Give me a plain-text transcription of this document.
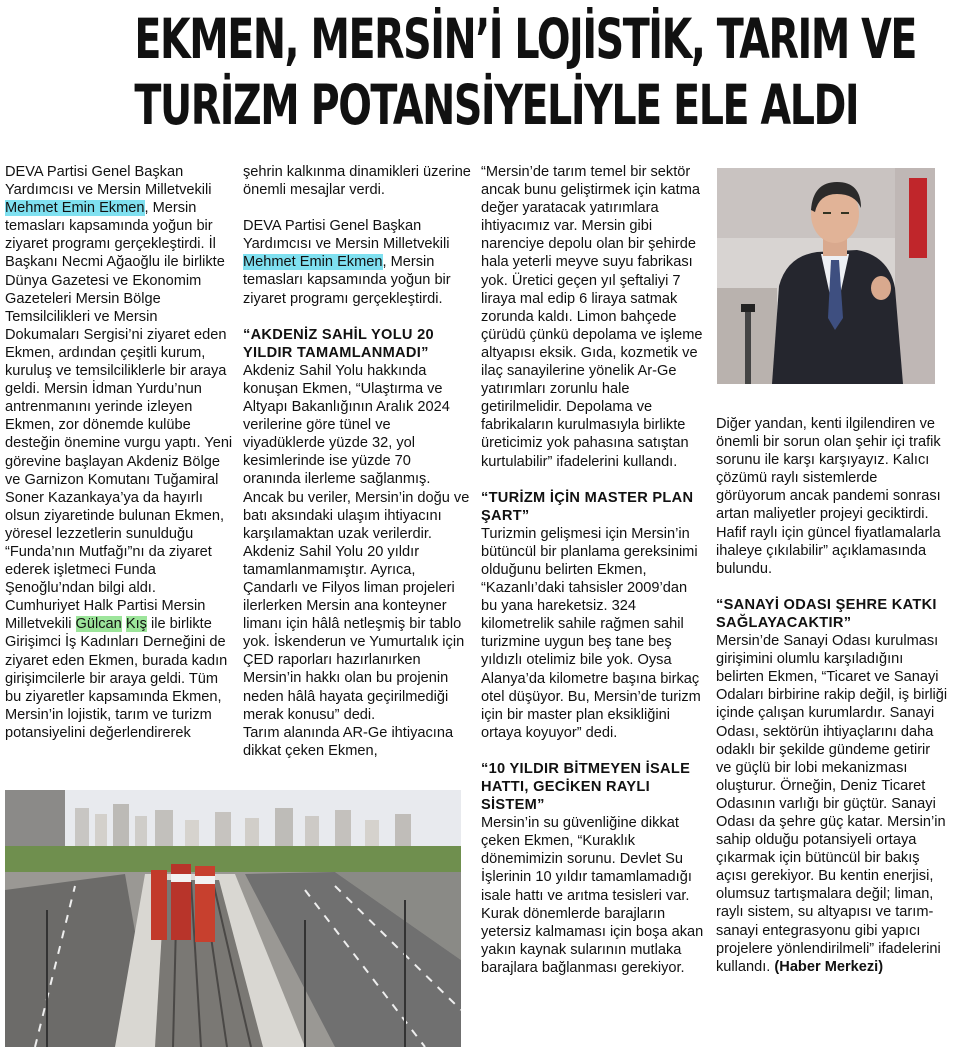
EKMEN, MERSİN’İ LOJİSTİK, TARIM VE
TURİZM POTANSİYELİYLE ELE ALDI

DEVA Partisi Genel Başkan Yardımcısı ve Mersin Milletvekili Mehmet Emin Ekmen, Mersin temasları kapsamında yoğun bir ziyaret programı gerçekleştirdi. İl Başkanı Necmi Ağaoğlu ile birlikte Dünya Gazetesi ve Ekonomim Gazeteleri Mersin Bölge Temsilcilikleri ve Mersin Dokumaları Sergisi’ni ziyaret eden Ekmen, ardından çeşitli kurum, kuruluş ve temsilciliklerle bir araya geldi. Mersin İdman Yurdu’nun antrenmanını yerinde izleyen Ekmen, zor dönemde kulübe desteğin önemine vurgu yaptı. Yeni görevine başlayan Akdeniz Bölge ve Garnizon Komutanı Tuğamiral Soner Kazankaya’ya da hayırlı olsun ziyaretinde bulunan Ekmen, yöresel lezzetlerin sunulduğu “Funda’nın Mutfağı”nı da ziyaret ederek işletmeci Funda Şenoğlu’ndan bilgi aldı. Cumhuriyet Halk Partisi Mersin Milletvekili Gülcan Kış ile birlikte Girişimci İş Kadınları Derneğini de ziyaret eden Ekmen, burada kadın girişimcilerle bir araya geldi. Tüm bu ziyaretler kapsamında Ekmen, Mersin’in lojistik, tarım ve turizm potansiyelini değerlendirerek

şehrin kalkınma dinamikleri üzerine önemli mesajlar verdi.

DEVA Partisi Genel Başkan Yardımcısı ve Mersin Milletvekili Mehmet Emin Ekmen, Mersin temasları kapsamında yoğun bir ziyaret programı gerçekleştirdi.

“AKDENİZ SAHİL YOLU 20 YILDIR TAMAMLANMADI”

Akdeniz Sahil Yolu hakkında konuşan Ekmen, “Ulaştırma ve Altyapı Bakanlığının Aralık 2024 verilerine göre tünel ve viyadüklerde yüzde 32, yol kesimlerinde ise yüzde 70 oranında ilerleme sağlanmış. Ancak bu veriler, Mersin’in doğu ve batı aksındaki ulaşım ihtiyacını karşılamaktan uzak verilerdir. Akdeniz Sahil Yolu 20 yıldır tamamlanmamıştır. Ayrıca, Çandarlı ve Filyos liman projeleri ilerlerken Mersin ana konteyner limanı için hâlâ netleşmiş bir tablo yok. İskenderun ve Yumurtalık için ÇED raporları hazırlanırken Mersin’in hakkı olan bu projenin neden hâlâ hayata geçirilmediği merak konusu” dedi.

Tarım alanında AR-Ge ihtiyacına dikkat çeken Ekmen,

“Mersin’de tarım temel bir sektör ancak bunu geliştirmek için katma değer yaratacak yatırımlara ihtiyacımız var. Mersin gibi narenciye depolu olan bir şehirde hala yeterli meyve suyu fabrikası yok. Üretici geçen yıl şeftaliyi 7 liraya mal edip 6 liraya satmak zorunda kaldı. Limon bahçede çürüdü çünkü depolama ve işleme altyapısı eksik. Gıda, kozmetik ve ilaç sanayilerine yönelik Ar-Ge yatırımları zorunlu hale getirilmelidir. Depolama ve fabrikaların kurulmasıyla birlikte üreticimiz yok pahasına satıştan kurtulabilir” ifadelerini kullandı.

“TURİZM İÇİN MASTER PLAN ŞART”

Turizmin gelişmesi için Mersin’in bütüncül bir planlama gereksinimi olduğunu belirten Ekmen, “Kazanlı’daki tahsisler 2009’dan bu yana hareketsiz. 324 kilometrelik sahile rağmen sahil turizmine uygun beş tane beş yıldızlı otelimiz bile yok. Oysa Alanya’da kilometre başına birkaç otel düşüyor. Bu, Mersin’de turizm için bir master plan eksikliğini ortaya koyuyor” dedi.

“10 YILDIR BİTMEYEN İSALE HATTI, GECİKEN RAYLI SİSTEM”

Mersin’in su güvenliğine dikkat çeken Ekmen, “Kuraklık dönemimizin sorunu. Devlet Su İşlerinin 10 yıldır tamamlamadığı isale hattı ve arıtma tesisleri var. Kurak dönemlerde barajların yetersiz kalmaması için boşa akan yakın kaynak sularının mutlaka barajlara bağlanması gerekiyor.

Diğer yandan, kenti ilgilendiren ve önemli bir sorun olan şehir içi trafik sorunu ile karşı karşıyayız. Kalıcı çözümü raylı sistemlerde görüyorum ancak pandemi sonrası artan maliyetler projeyi geciktirdi. Hafif raylı için güncel fiyatlamalarla ihaleye çıkılabilir” açıklamasında bulundu.

“SANAYİ ODASI ŞEHRE KATKI SAĞLAYACAKTIR”

Mersin’de Sanayi Odası kurulması girişimini olumlu karşıladığını belirten Ekmen, “Ticaret ve Sanayi Odaları birbirine rakip değil, iş birliği içinde çalışan kurumlardır. Sanayi Odası, sektörün ihtiyaçlarını daha odaklı bir şekilde gündeme getirir ve güçlü bir lobi mekanizması oluşturur. Örneğin, Deniz Ticaret Odasının varlığı bir güçtür. Sanayi Odası da şehre güç katar. Mersin’in sahip olduğu potansiyeli ortaya çıkarmak için bütüncül bir bakış açısı gerekiyor. Bu kentin enerjisi, olumsuz tartışmalara değil; liman, raylı sistem, su altyapısı ve tarım-sanayi entegrasyonu gibi yapıcı projelere yönlendirilmeli” ifadelerini kullandı. (Haber Merkezi)
